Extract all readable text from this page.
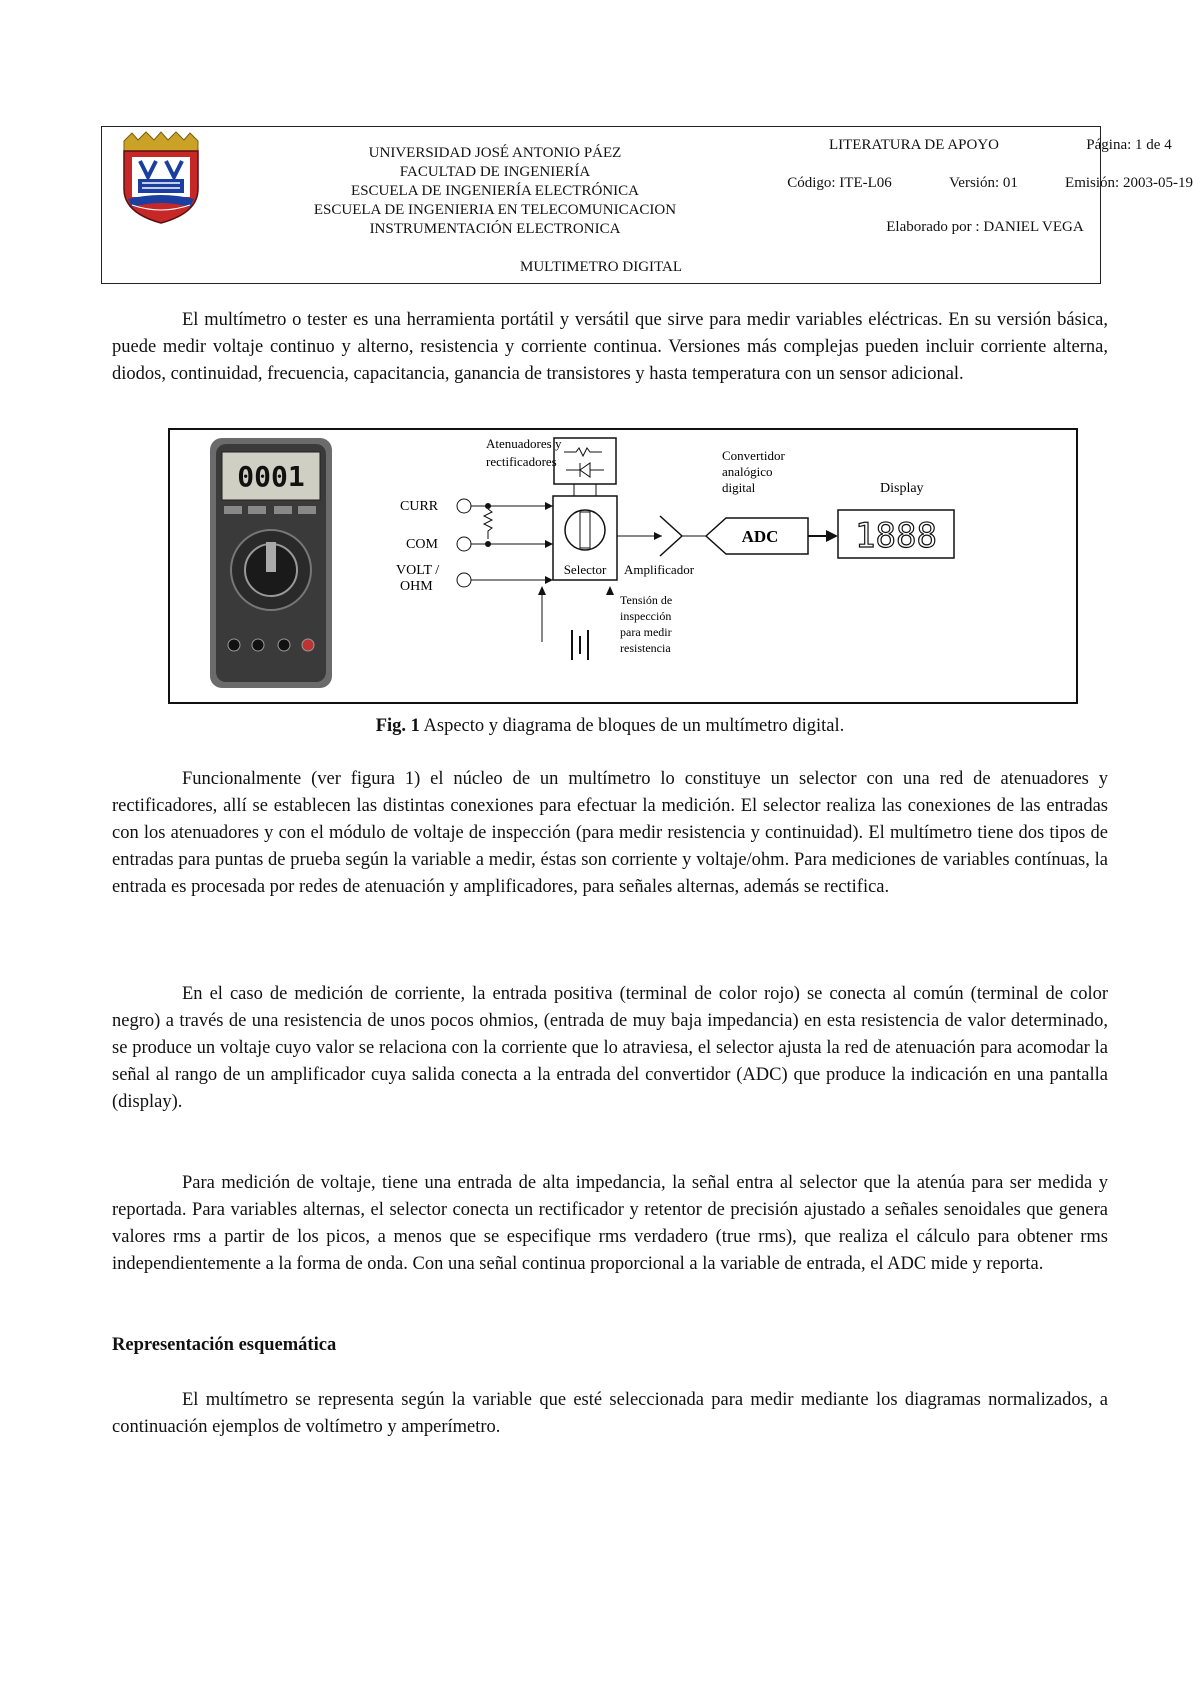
UNIVERSIDAD JOSÉ ANTONIO PÁEZ
FACULTAD DE INGENIERÍA
ESCUELA DE INGENIERÍA ELECTRÓNICA
ESCUELA DE INGENIERIA EN TELECOMUNICACION
INSTRUMENTACIÓN ELECTRONICA
LITERATURA DE APOYO	Página: 1 de 4
Código: ITE-L06	Versión: 01	Emisión: 2003-05-19
Elaborado por : DANIEL VEGA
MULTIMETRO DIGITAL

El multímetro o tester es una herramienta portátil y versátil que sirve para medir variables eléctricas. En su versión básica, puede medir voltaje continuo y alterno, resistencia y corriente continua. Versiones más complejas pueden incluir corriente alterna, diodos, continuidad, frecuencia, capacitancia, ganancia de transistores y hasta temperatura con un sensor adicional.

0001
Atenuadores y
rectificadores
Selector
CURR
COM
VOLT /
OHM
Tensión de
inspección
para medir
resistencia
Amplificador
ADC
Convertidor
analógico
digital	Display
1888
Fig. 1 Aspecto y diagrama de bloques de un multímetro digital.

Funcionalmente (ver figura 1) el núcleo de un multímetro lo constituye un selector con una red de atenuadores y rectificadores, allí se establecen las distintas conexiones para efectuar la medición. El selector realiza las conexiones de las entradas con los atenuadores y con el módulo de voltaje de inspección (para medir resistencia y continuidad). El multímetro tiene dos tipos de entradas para puntas de prueba según la variable a medir, éstas son corriente y voltaje/ohm. Para mediciones de variables contínuas, la entrada es procesada por redes de atenuación y amplificadores, para señales alternas, además se rectifica.

En el caso de medición de corriente, la entrada positiva (terminal de color rojo) se conecta al común (terminal de color negro) a través de una resistencia de unos pocos ohmios, (entrada de muy baja impedancia) en esta resistencia de valor determinado, se produce un voltaje cuyo valor se relaciona con la corriente que lo atraviesa, el selector ajusta la red de atenuación para acomodar la señal al rango de un amplificador cuya salida conecta a la entrada del convertidor (ADC) que produce la indicación en una pantalla (display).

Para medición de voltaje, tiene una entrada de alta impedancia, la señal entra al selector que la atenúa para ser medida y reportada. Para variables alternas, el selector conecta un rectificador y retentor de precisión ajustado a señales senoidales que genera valores rms a partir de los picos, a menos que se especifique rms verdadero (true rms), que realiza el cálculo para obtener rms independientemente a la forma de onda. Con una señal continua proporcional a la variable de entrada, el ADC mide y reporta.

Representación esquemática

El multímetro se representa según la variable que esté seleccionada para medir mediante los diagramas normalizados, a continuación ejemplos de voltímetro y amperímetro.
